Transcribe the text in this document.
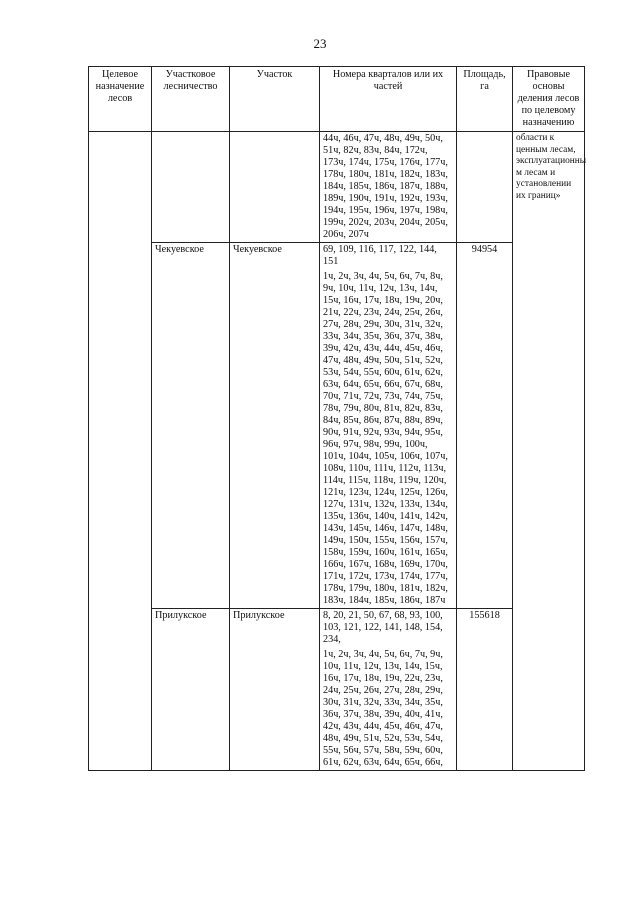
23
Целевое назначение лесов	Участковое лесничество	Участок	Номера кварталов или их частей	Площадь, га	Правовые основы деления лесов по целевому назначению

			44ч, 46ч, 47ч, 48ч, 49ч, 50ч, 51ч, 82ч, 83ч, 84ч, 172ч, 173ч, 174ч, 175ч, 176ч, 177ч, 178ч, 180ч, 181ч, 182ч, 183ч, 184ч, 185ч, 186ч, 187ч, 188ч, 189ч, 190ч, 191ч, 192ч, 193ч, 194ч, 195ч, 196ч, 197ч, 198ч, 199ч, 202ч, 203ч, 204ч, 205ч, 206ч, 207ч		области к ценным лесам, эксплуатационны м лесам и установлении их границ»
	Чекуевское	Чекуевское	69, 109, 116, 117, 122, 144, 151

1ч, 2ч, 3ч, 4ч, 5ч, 6ч, 7ч, 8ч, 9ч, 10ч, 11ч, 12ч, 13ч, 14ч, 15ч, 16ч, 17ч, 18ч, 19ч, 20ч, 21ч, 22ч, 23ч, 24ч, 25ч, 26ч, 27ч, 28ч, 29ч, 30ч, 31ч, 32ч, 33ч, 34ч, 35ч, 36ч, 37ч, 38ч, 39ч, 42ч, 43ч, 44ч, 45ч, 46ч, 47ч, 48ч, 49ч, 50ч, 51ч, 52ч, 53ч, 54ч, 55ч, 60ч, 61ч, 62ч, 63ч, 64ч, 65ч, 66ч, 67ч, 68ч, 70ч, 71ч, 72ч, 73ч, 74ч, 75ч, 78ч, 79ч, 80ч, 81ч, 82ч, 83ч, 84ч, 85ч, 86ч, 87ч, 88ч, 89ч, 90ч, 91ч, 92ч, 93ч, 94ч, 95ч, 96ч, 97ч, 98ч, 99ч, 100ч, 101ч, 104ч, 105ч, 106ч, 107ч, 108ч, 110ч, 111ч, 112ч, 113ч, 114ч, 115ч, 118ч, 119ч, 120ч, 121ч, 123ч, 124ч, 125ч, 126ч, 127ч, 131ч, 132ч, 133ч, 134ч, 135ч, 136ч, 140ч, 141ч, 142ч, 143ч, 145ч, 146ч, 147ч, 148ч, 149ч, 150ч, 155ч, 156ч, 157ч, 158ч, 159ч, 160ч, 161ч, 165ч, 166ч, 167ч, 168ч, 169ч, 170ч, 171ч, 172ч, 173ч, 174ч, 177ч, 178ч, 179ч, 180ч, 181ч, 182ч, 183ч, 184ч, 185ч, 186ч, 187ч	94954	
	Прилукское	Прилукское	8, 20, 21, 50, 67, 68, 93, 100, 103, 121, 122, 141, 148, 154, 234,

1ч, 2ч, 3ч, 4ч, 5ч, 6ч, 7ч, 9ч, 10ч, 11ч, 12ч, 13ч, 14ч, 15ч, 16ч, 17ч, 18ч, 19ч, 22ч, 23ч, 24ч, 25ч, 26ч, 27ч, 28ч, 29ч, 30ч, 31ч, 32ч, 33ч, 34ч, 35ч, 36ч, 37ч, 38ч, 39ч, 40ч, 41ч, 42ч, 43ч, 44ч, 45ч, 46ч, 47ч, 48ч, 49ч, 51ч, 52ч, 53ч, 54ч, 55ч, 56ч, 57ч, 58ч, 59ч, 60ч, 61ч, 62ч, 63ч, 64ч, 65ч, 66ч,	155618	
